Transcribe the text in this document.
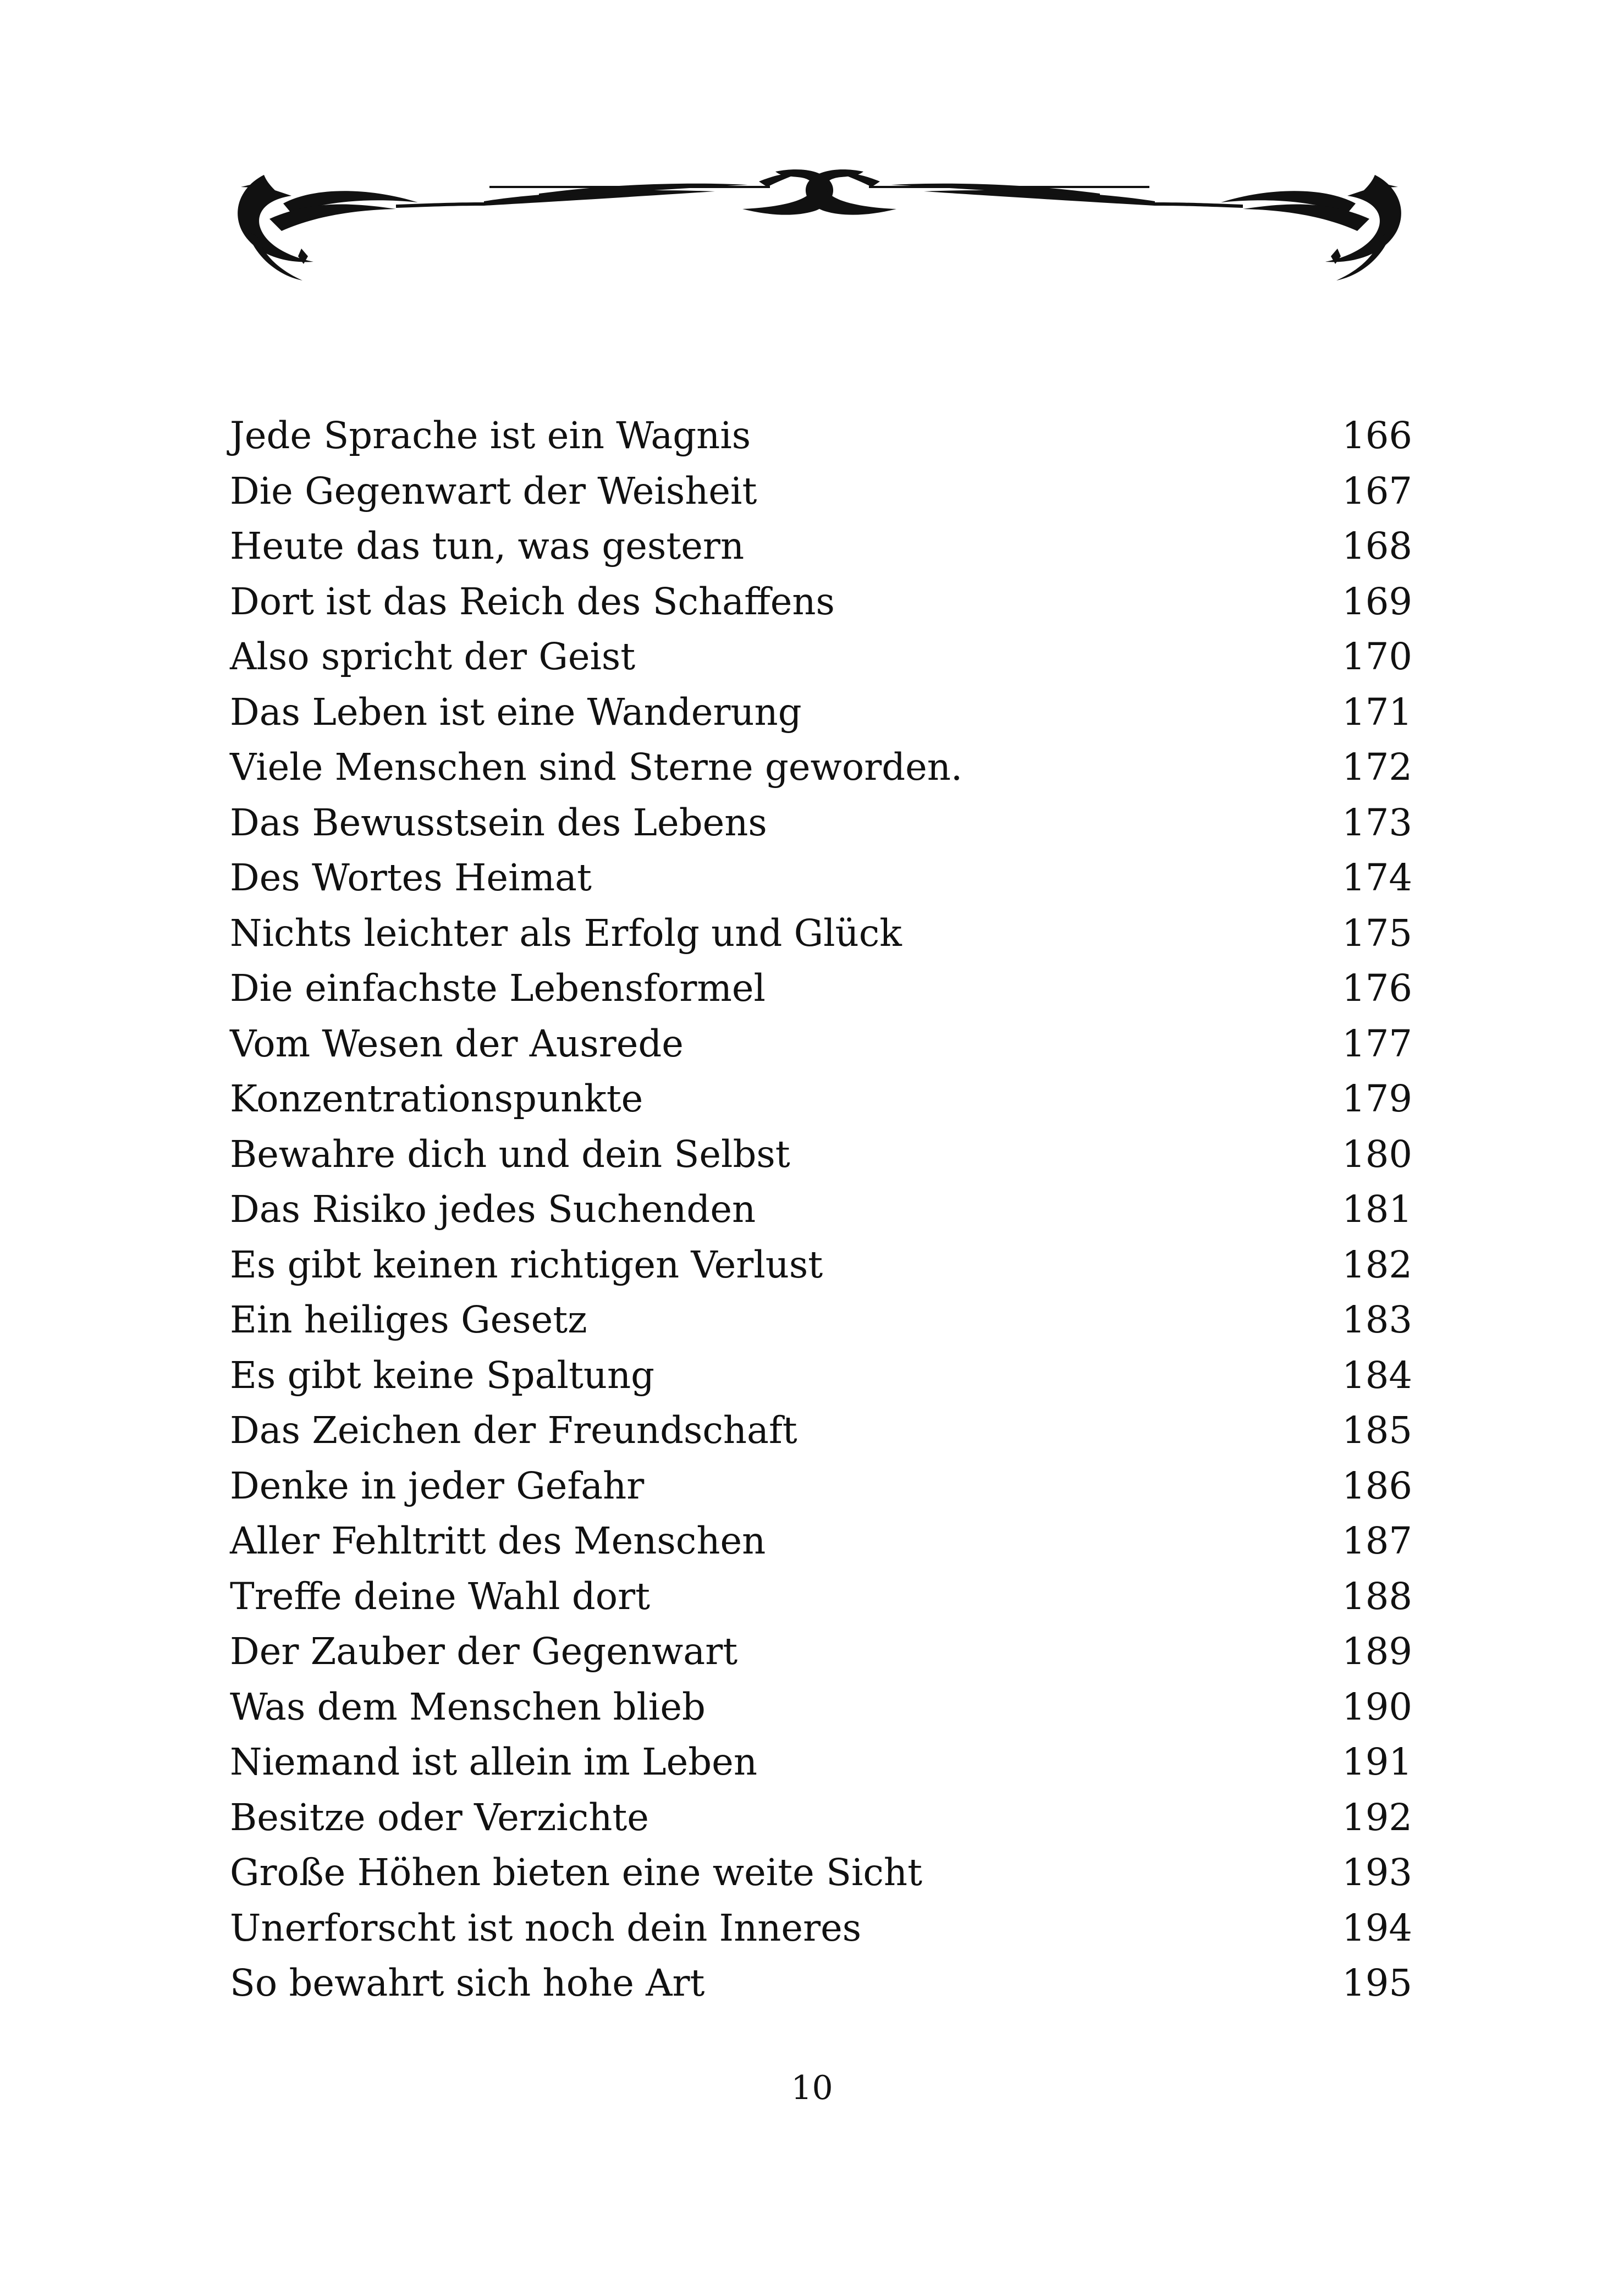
Jede Sprache ist ein Wagnis	166
Die Gegenwart der Weisheit	167
Heute das tun, was gestern	168
Dort ist das Reich des Schaffens	169
Also spricht der Geist	170
Das Leben ist eine Wanderung	171
Viele Menschen sind Sterne geworden.	172
Das Bewusstsein des Lebens	173
Des Wortes Heimat	174
Nichts leichter als Erfolg und Glück	175
Die einfachste Lebensformel	176
Vom Wesen der Ausrede	177
Konzentrationspunkte	179
Bewahre dich und dein Selbst	180
Das Risiko jedes Suchenden	181
Es gibt keinen richtigen Verlust	182
Ein heiliges Gesetz	183
Es gibt keine Spaltung	184
Das Zeichen der Freundschaft	185
Denke in jeder Gefahr	186
Aller Fehltritt des Menschen	187
Treffe deine Wahl dort	188
Der Zauber der Gegenwart	189
Was dem Menschen blieb	190
Niemand ist allein im Leben	191
Besitze oder Verzichte	192
Große Höhen bieten eine weite Sicht	193
Unerforscht ist noch dein Inneres	194
So bewahrt sich hohe Art	195
10
